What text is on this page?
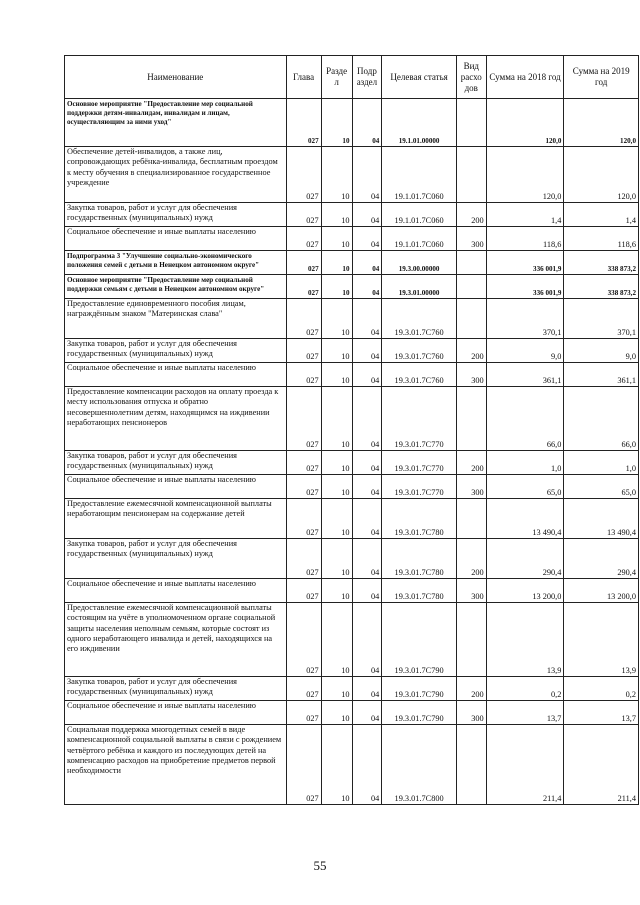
Наименование	Глава	Разде л	Подр аздел	Целевая статья	Вид расхо дов	Сумма на 2018 год	Сумма на 2019 год
Основное мероприятие "Предоставление мер социальной поддержки детям-инвалидам, инвалидам и лицам, осуществляющим за ними уход"	027	10	04	19.1.01.00000		120,0	120,0
Обеспечение детей-инвалидов, а также лиц, сопровождающих ребёнка-инвалида, бесплатным проездом к месту обучения в специализированное государственное учреждение	027	10	04	19.1.01.7С060		120,0	120,0
Закупка товаров, работ и услуг для обеспечения государственных (муниципальных) нужд	027	10	04	19.1.01.7С060	200	1,4	1,4
Социальное обеспечение и иные выплаты населению	027	10	04	19.1.01.7С060	300	118,6	118,6
Подпрограмма 3 "Улучшение социально-экономического положения семей с детьми в Ненецком автономном округе"	027	10	04	19.3.00.00000		336 001,9	338 873,2
Основное мероприятие "Предоставление мер социальной поддержки семьям с детьми в Ненецком автономном округе"	027	10	04	19.3.01.00000		336 001,9	338 873,2
Предоставление единовременного пособия лицам, награждённым знаком "Материнская слава"	027	10	04	19.3.01.7С760		370,1	370,1
Закупка товаров, работ и услуг для обеспечения государственных (муниципальных) нужд	027	10	04	19.3.01.7С760	200	9,0	9,0
Социальное обеспечение и иные выплаты населению	027	10	04	19.3.01.7С760	300	361,1	361,1
Предоставление компенсации расходов на оплату проезда к месту использования отпуска и обратно несовершеннолетним детям, находящимся на иждивении неработающих пенсионеров	027	10	04	19.3.01.7С770		66,0	66,0
Закупка товаров, работ и услуг для обеспечения государственных (муниципальных) нужд	027	10	04	19.3.01.7С770	200	1,0	1,0
Социальное обеспечение и иные выплаты населению	027	10	04	19.3.01.7С770	300	65,0	65,0
Предоставление ежемесячной компенсационной выплаты неработающим пенсионерам на содержание детей	027	10	04	19.3.01.7С780		13 490,4	13 490,4
Закупка товаров, работ и услуг для обеспечения государственных (муниципальных) нужд	027	10	04	19.3.01.7С780	200	290,4	290,4
Социальное обеспечение и иные выплаты населению	027	10	04	19.3.01.7С780	300	13 200,0	13 200,0
Предоставление ежемесячной компенсационной выплаты состоящим на учёте в уполномоченном органе социальной защиты населения неполным семьям, которые состоят из одного неработающего инвалида и детей, находящихся на его иждивении	027	10	04	19.3.01.7С790		13,9	13,9
Закупка товаров, работ и услуг для обеспечения государственных (муниципальных) нужд	027	10	04	19.3.01.7С790	200	0,2	0,2
Социальное обеспечение и иные выплаты населению	027	10	04	19.3.01.7С790	300	13,7	13,7
Социальная поддержка многодетных семей в виде компенсационной социальной выплаты в связи с рождением четвёртого ребёнка и каждого из последующих детей на компенсацию расходов на приобретение предметов первой необходимости	027	10	04	19.3.01.7С800		211,4	211,4
55
